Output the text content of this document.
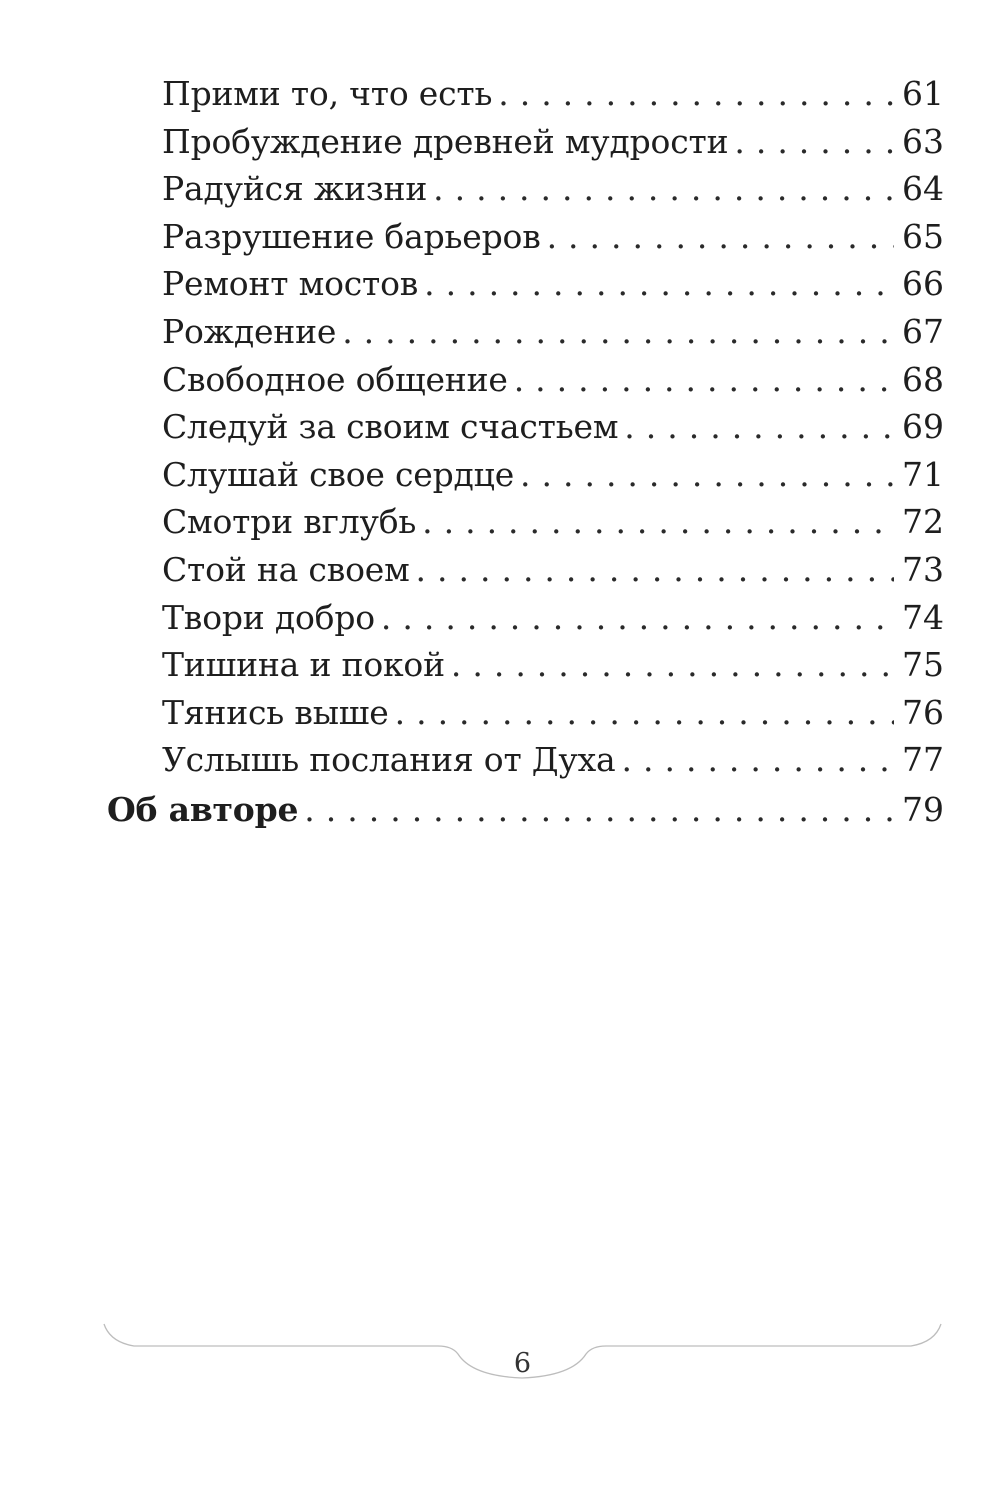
Прими то, что есть . . .	61
Пробуждение древней мудрости . . .	63
Радуйся жизни . . .	64
Разрушение барьеров . . .	65
Ремонт мостов . . .	66
Рождение . . .	67
Свободное общение . . .	68
Следуй за своим счастьем . . .	69
Слушай свое сердце . . .	71
Смотри вглубь . . .	72
Стой на своем . . .	73
Твори добро . . .	74
Тишина и покой . . .	75
Тянись выше . . .	76
Услышь послания от Духа . . .	77
Об авторе . . .	79
6
